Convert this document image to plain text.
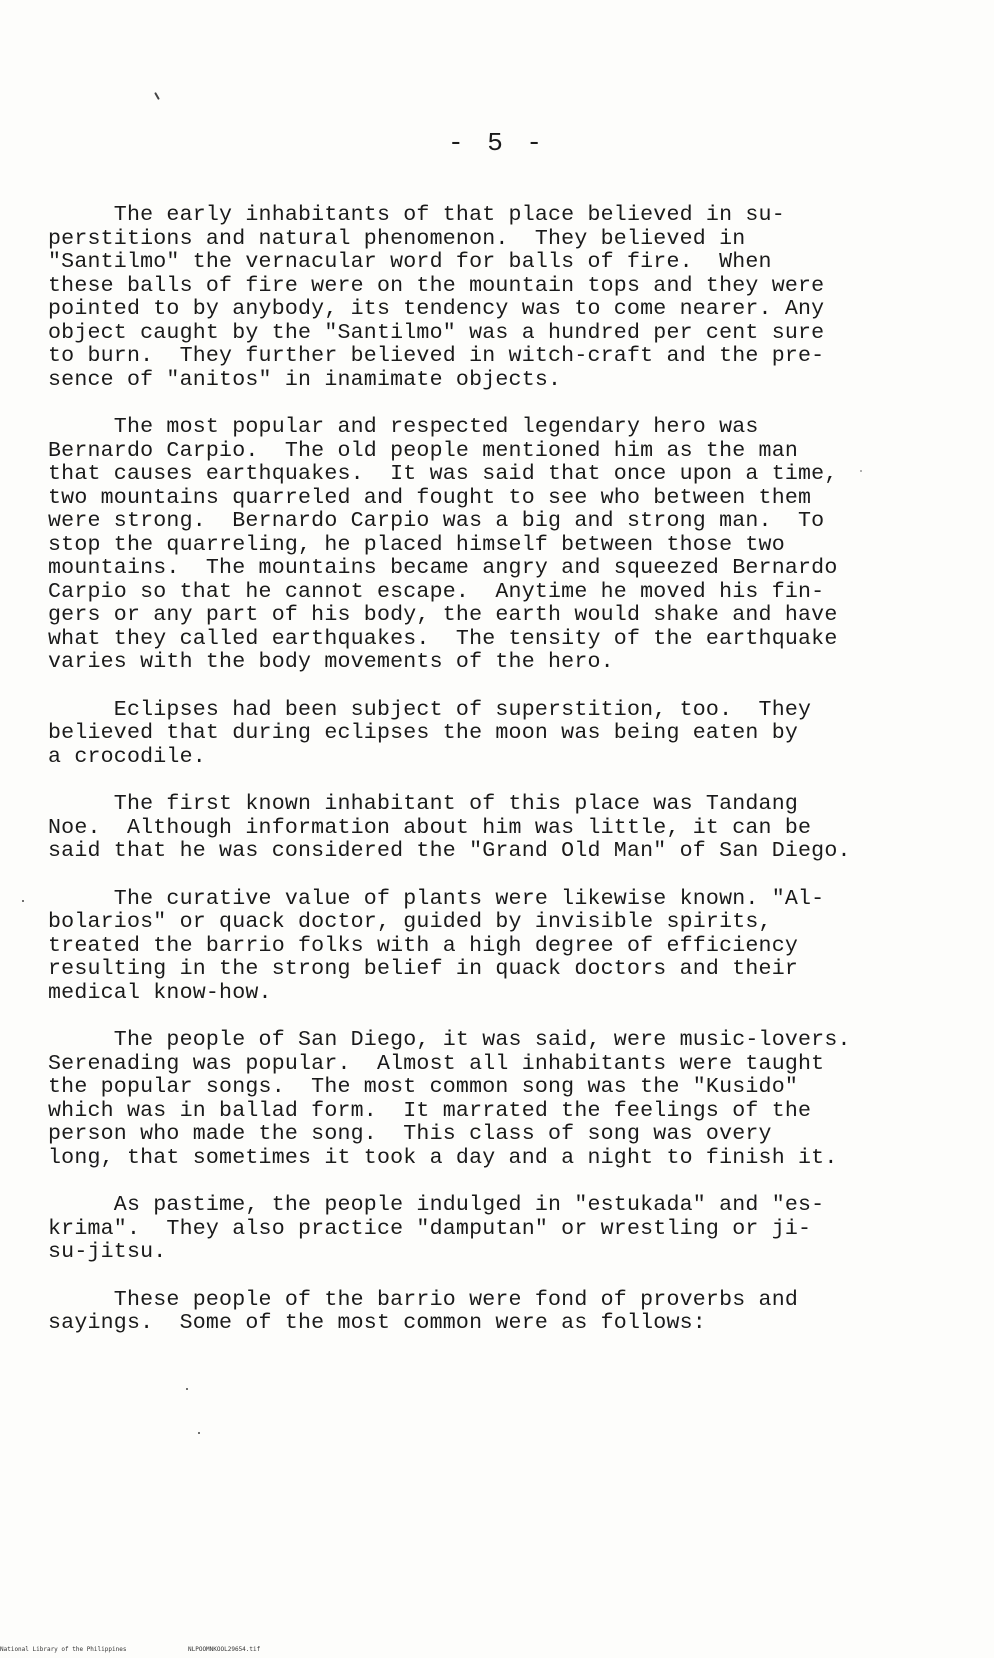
- 5 -
The early inhabitants of that place believed in su-
perstitions and natural phenomenon.  They believed in
"Santilmo" the vernacular word for balls of fire.  When
these balls of fire were on the mountain tops and they were
pointed to by anybody, its tendency was to come nearer. Any
object caught by the "Santilmo" was a hundred per cent sure
to burn.  They further believed in witch-craft and the pre-
sence of "anitos" in inamimate objects.
The most popular and respected legendary hero was
Bernardo Carpio.  The old people mentioned him as the man
that causes earthquakes.  It was said that once upon a time,
two mountains quarreled and fought to see who between them
were strong.  Bernardo Carpio was a big and strong man.  To
stop the quarreling, he placed himself between those two
mountains.  The mountains became angry and squeezed Bernardo
Carpio so that he cannot escape.  Anytime he moved his fin-
gers or any part of his body, the earth would shake and have
what they called earthquakes.  The tensity of the earthquake
varies with the body movements of the hero.
Eclipses had been subject of superstition, too.  They
believed that during eclipses the moon was being eaten by
a crocodile.
The first known inhabitant of this place was Tandang
Noe.  Although information about him was little, it can be
said that he was considered the "Grand Old Man" of San Diego.
The curative value of plants were likewise known. "Al-
bolarios" or quack doctor, guided by invisible spirits,
treated the barrio folks with a high degree of efficiency
resulting in the strong belief in quack doctors and their
medical know-how.
The people of San Diego, it was said, were music-lovers.
Serenading was popular.  Almost all inhabitants were taught
the popular songs.  The most common song was the "Kusido"
which was in ballad form.  It marrated the feelings of the
person who made the song.  This class of song was overy
long, that sometimes it took a day and a night to finish it.
As pastime, the people indulged in "estukada" and "es-
krima".  They also practice "damputan" or wrestling or ji-
su-jitsu.
These people of the barrio were fond of proverbs and
sayings.  Some of the most common were as follows:
National Library of the Philippines	NLPOOMNKOOL29654.tif
